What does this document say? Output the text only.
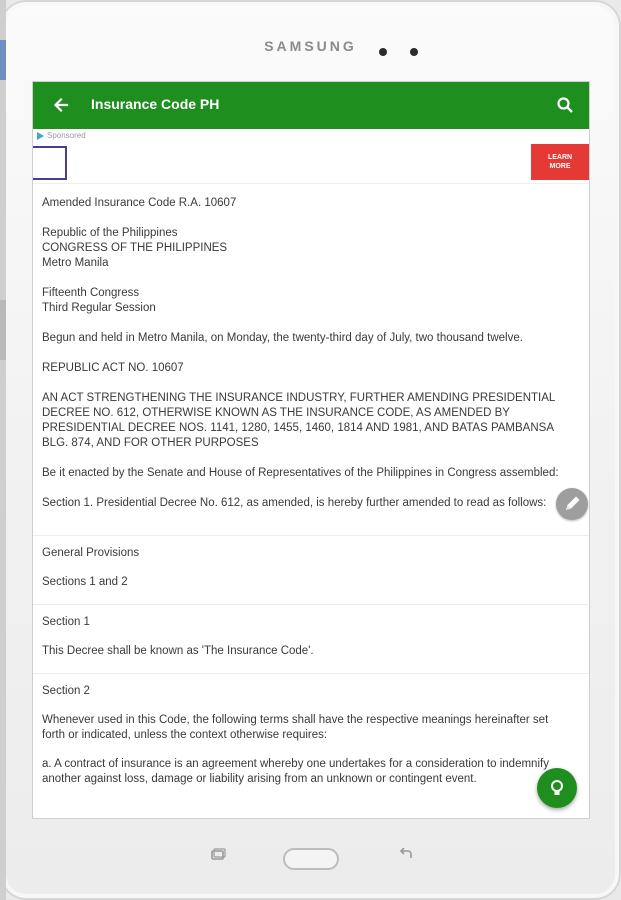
SAMSUNG
Insurance Code PH
Sponsored
LEARN
MORE

Amended Insurance Code R.A. 10607

Republic of the Philippines
CONGRESS OF THE PHILIPPINES
Metro Manila

Fifteenth Congress
Third Regular Session

Begun and held in Metro Manila, on Monday, the twenty-third day of July, two thousand twelve.

REPUBLIC ACT NO. 10607

AN ACT STRENGTHENING THE INSURANCE INDUSTRY, FURTHER AMENDING PRESIDENTIAL DECREE NO. 612, OTHERWISE KNOWN AS THE INSURANCE CODE, AS AMENDED BY PRESIDENTIAL DECREE NOS. 1141, 1280, 1455, 1460, 1814 AND 1981, AND BATAS PAMBANSA BLG. 874, AND FOR OTHER PURPOSES

Be it enacted by the Senate and House of Representatives of the Philippines in Congress assembled:

Section 1. Presidential Decree No. 612, as amended, is hereby further amended to read as follows:

General Provisions

Sections 1 and 2

Section 1

This Decree shall be known as 'The Insurance Code'.

Section 2

Whenever used in this Code, the following terms shall have the respective meanings hereinafter set forth or indicated, unless the context otherwise requires:

a. A contract of insurance is an agreement whereby one undertakes for a consideration to indemnify another against loss, damage or liability arising from an unknown or contingent event.
